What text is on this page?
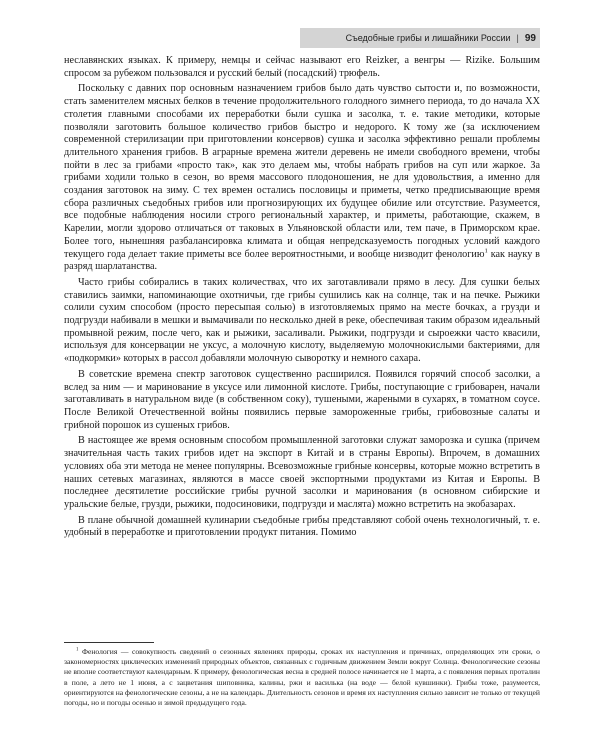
Съедобные грибы и лишайники России | 99

неславянских языках. К примеру, немцы и сейчас называют его Reizker, а венгры — Rizike. Большим спросом за рубежом пользовался и русский белый (посадский) трюфель.

Поскольку с давних пор основным назначением грибов было дать чувство сытости и, по возможности, стать заменителем мясных белков в течение продолжительного голодного зимнего периода, то до начала XX столетия главными способами их переработки были сушка и засолка, т. е. такие методики, которые позволяли заготовить большое количество грибов быстро и недорого. К тому же (за исключением современной стерилизации при приготовлении консервов) сушка и засолка эффективно решали проблемы длительного хранения грибов. В аграрные времена жители деревень не имели свободного времени, чтобы пойти в лес за грибами «просто так», как это делаем мы, чтобы набрать грибов на суп или жаркое. За грибами ходили только в сезон, во время массового плодоношения, не для удовольствия, а именно для создания заготовок на зиму. С тех времен остались пословицы и приметы, четко предписывающие время сбора различных съедобных грибов или прогнозирующих их будущее обилие или отсутствие. Разумеется, все подобные наблюдения носили строго региональный характер, и приметы, работающие, скажем, в Карелии, могли здорово отличаться от таковых в Ульяновской области или, тем паче, в Приморском крае. Более того, нынешняя разбалансировка климата и общая непредсказуемость погодных условий каждого текущего года делает такие приметы все более вероятностными, и вообще низводит фенологию$^1$ как науку в разряд шарлатанства.

Часто грибы собирались в таких количествах, что их заготавливали прямо в лесу. Для сушки белых ставились заимки, напоминающие охотничьи, где грибы сушились как на солнце, так и на печке. Рыжики солили сухим способом (просто пересыпая солью) в изготовляемых прямо на месте бочках, а грузди и подгрузди набивали в мешки и вымачивали по несколько дней в реке, обеспечивая таким образом идеальный промывной режим, после чего, как и рыжики, засаливали. Рыжики, подгрузди и сыроежки часто квасили, используя для консервации не уксус, а молочную кислоту, выделяемую молочнокислыми бактериями, для «подкормки» которых в рассол добавляли молочную сыворотку и немного сахара.

В советские времена спектр заготовок существенно расширился. Появился горячий способ засолки, а вслед за ним — и маринование в уксусе или лимонной кислоте. Грибы, поступающие с грибоварен, начали заготавливать в натуральном виде (в собственном соку), тушеными, жареными в сухарях, в томатном соусе. После Великой Отечественной войны появились первые замороженные грибы, грибовозные салаты и грибной порошок из сушеных грибов.

В настоящее же время основным способом промышленной заготовки служат заморозка и сушка (причем значительная часть таких грибов идет на экспорт в Китай и в страны Европы). Впрочем, в домашних условиях оба эти метода не менее популярны. Всевозможные грибные консервы, которые можно встретить в наших сетевых магазинах, являются в массе своей экспортными продуктами из Китая и Европы. В последнее десятилетие российские грибы ручной засолки и маринования (в основном сибирские и уральские белые, грузди, рыжики, подосиновики, подгрузди и маслята) можно встретить на экобазарах.

В плане обычной домашней кулинарии съедобные грибы представляют собой очень технологичный, т. е. удобный в переработке и приготовлении продукт питания. Помимо

$^1$ Фенология — совокупность сведений о сезонных явлениях природы, сроках их наступления и причинах, определяющих эти сроки, о закономерностях циклических изменений природных объектов, связанных с годичным движением Земли вокруг Солнца. Фенологические сезоны не вполне соответствуют календарным. К примеру, фенологическая весна в средней полосе начинается не 1 марта, а с появления первых проталин в поле, а лето не 1 июня, а с зацветания шиповника, калины, ржи и василька (на воде — белой кувшинки). Грибы тоже, разумеется, ориентируются на фенологические сезоны, а не на календарь. Длительность сезонов и время их наступления сильно зависит не только от текущей погоды, но и погоды осенью и зимой предыдущего года.
